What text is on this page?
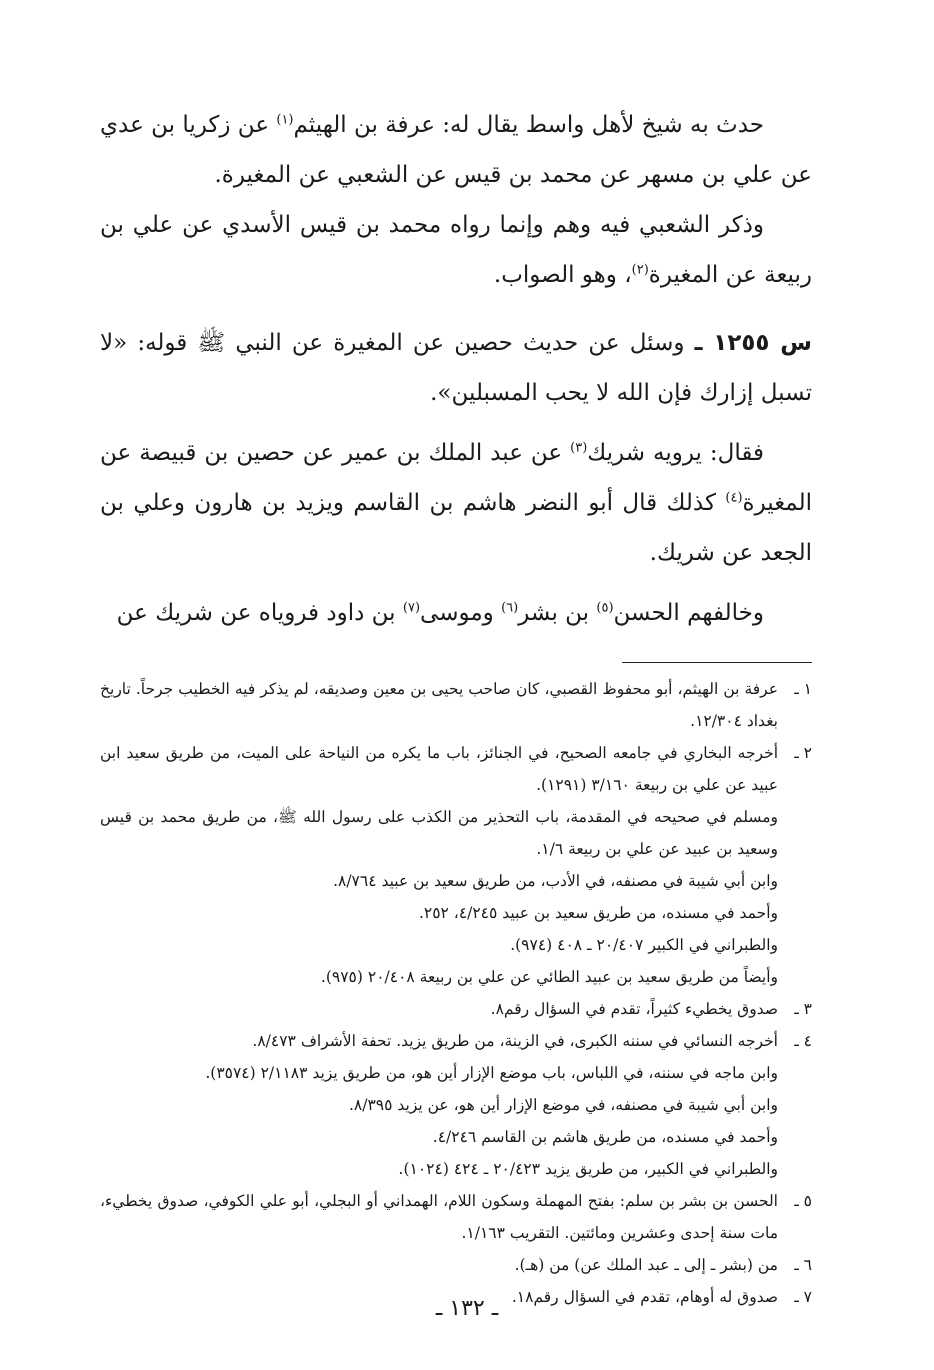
حدث به شيخ لأهل واسط يقال له: عرفة بن الهيثم$^{(١)}$ عن زكريا بن عدي عن علي بن مسهر عن محمد بن قيس عن الشعبي عن المغيرة.

وذكر الشعبي فيه وهم وإنما رواه محمد بن قيس الأسدي عن علي بن ربيعة عن المغيرة$^{(٢)}$، وهو الصواب.

س ١٢٥٥ ـ وسئل عن حديث حصين عن المغيرة عن النبي ﷺ قوله: «لا تسبل إزارك فإن الله لا يحب المسبلين».

فقال: يرويه شريك$^{(٣)}$ عن عبد الملك بن عمير عن حصين بن قبيصة عن المغيرة$^{(٤)}$ كذلك قال أبو النضر هاشم بن القاسم ويزيد بن هارون وعلي بن الجعد عن شريك.

وخالفهم الحسن$^{(٥)}$ بن بشر$^{(٦)}$ وموسى$^{(٧)}$ بن داود فروياه عن شريك عن

١ ـ
عرفة بن الهيثم، أبو محفوظ القصبي، كان صاحب يحيى بن معين وصديقه، لم يذكر فيه الخطيب جرحاً. تاريخ بغداد ١٢/٣٠٤.
٢ ـ
أخرجه البخاري في جامعه الصحيح، في الجنائز، باب ما يكره من النياحة على الميت، من طريق سعيد ابن عبيد عن علي بن ربيعة ٣/١٦٠ (١٢٩١).
ومسلم في صحيحه في المقدمة، باب التحذير من الكذب على رسول الله ﷺ، من طريق محمد بن قيس وسعيد بن عبيد عن علي بن ربيعة ١/٦.
وابن أبي شيبة في مصنفه، في الأدب، من طريق سعيد بن عبيد ٨/٧٦٤.
وأحمد في مسنده، من طريق سعيد بن عبيد ٤/٢٤٥، ٢٥٢.
والطبراني في الكبير ٢٠/٤٠٧ ـ ٤٠٨ (٩٧٤).
وأيضاً من طريق سعيد بن عبيد الطائي عن علي بن ربيعة ٢٠/٤٠٨ (٩٧٥).
٣ ـ
صدوق يخطيء كثيراً، تقدم في السؤال رقم٨.
٤ ـ
أخرجه النسائي في سننه الكبرى، في الزينة، من طريق يزيد. تحفة الأشراف ٨/٤٧٣.
وابن ماجه في سننه، في اللباس، باب موضع الإزار أين هو، من طريق يزيد ٢/١١٨٣ (٣٥٧٤).
وابن أبي شيبة في مصنفه، في موضع الإزار أين هو، عن يزيد ٨/٣٩٥.
وأحمد في مسنده، من طريق هاشم بن القاسم ٤/٢٤٦.
والطبراني في الكبير، من طريق يزيد ٢٠/٤٢٣ ـ ٤٢٤ (١٠٢٤).
٥ ـ
الحسن بن بشر بن سلم: بفتح المهملة وسكون اللام، الهمداني أو البجلي، أبو علي الكوفي، صدوق يخطيء، مات سنة إحدى وعشرين ومائتين. التقريب ١/١٦٣.
٦ ـ
من (بشر ـ إلى ـ عبد الملك عن) من (هـ).
٧ ـ
صدوق له أوهام، تقدم في السؤال رقم١٨.
ـ ١٣٢ ـ
